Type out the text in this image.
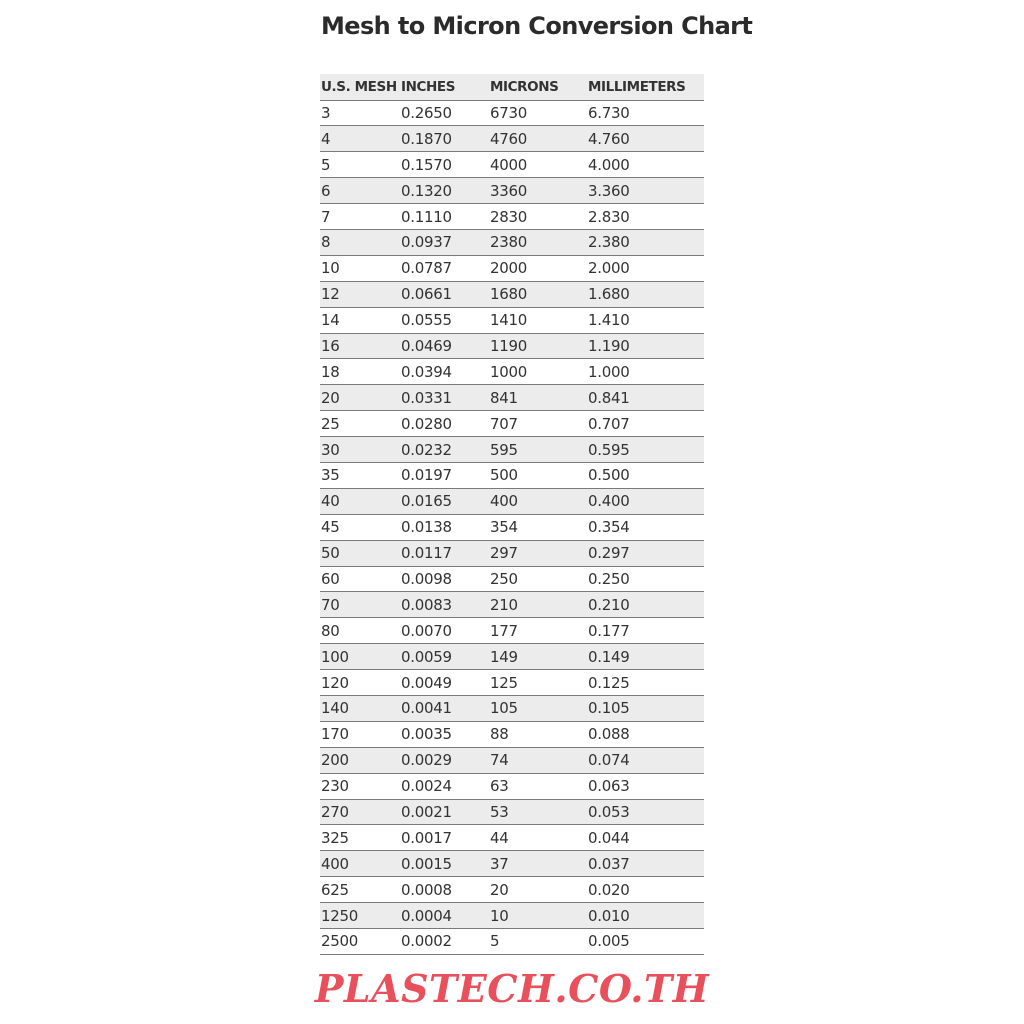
Mesh to Micron Conversion Chart
U.S. MESH	INCHES	MICRONS	MILLIMETERS
3	0.2650	6730	6.730
4	0.1870	4760	4.760
5	0.1570	4000	4.000
6	0.1320	3360	3.360
7	0.1110	2830	2.830
8	0.0937	2380	2.380
10	0.0787	2000	2.000
12	0.0661	1680	1.680
14	0.0555	1410	1.410
16	0.0469	1190	1.190
18	0.0394	1000	1.000
20	0.0331	841	0.841
25	0.0280	707	0.707
30	0.0232	595	0.595
35	0.0197	500	0.500
40	0.0165	400	0.400
45	0.0138	354	0.354
50	0.0117	297	0.297
60	0.0098	250	0.250
70	0.0083	210	0.210
80	0.0070	177	0.177
100	0.0059	149	0.149
120	0.0049	125	0.125
140	0.0041	105	0.105
170	0.0035	88	0.088
200	0.0029	74	0.074
230	0.0024	63	0.063
270	0.0021	53	0.053
325	0.0017	44	0.044
400	0.0015	37	0.037
625	0.0008	20	0.020
1250	0.0004	10	0.010
2500	0.0002	5	0.005
PLASTECH.CO.TH
